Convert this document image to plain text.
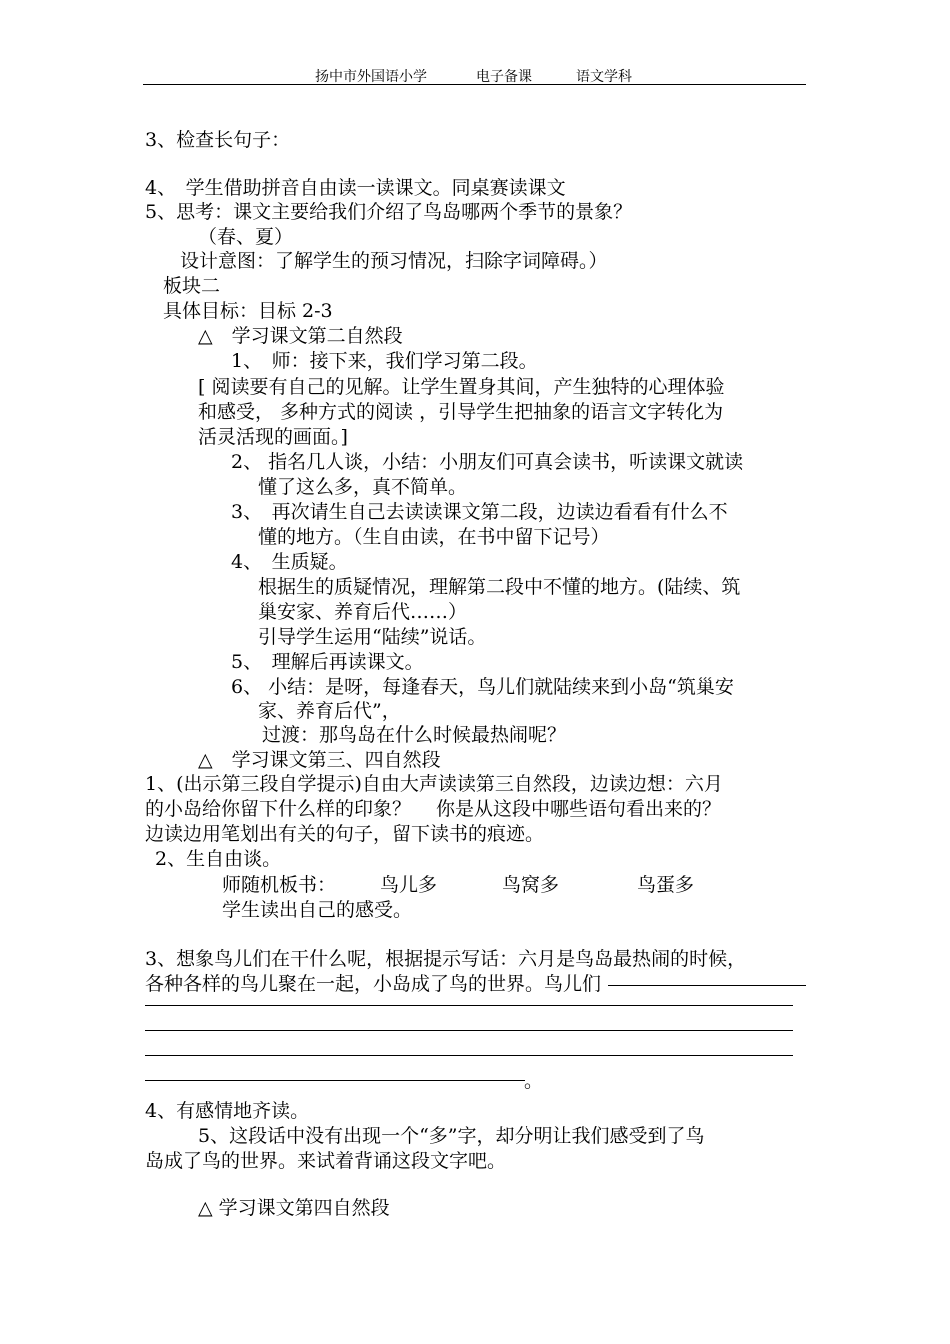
扬中市外国语小学	电子备课	语文学科
3、检查长句子：
4、　学生借助拼音自由读一读课文。同桌赛读课文
5、思考：课文主要给我们介绍了鸟岛哪两个季节的景象？
（春、夏）
设计意图：了解学生的预习情况，扫除字词障碍。）
板块二
具体目标：目标 2-3
△　学习课文第二自然段
1、　师：接下来，我们学习第二段。
[ 阅读要有自己的见解。让学生置身其间，产生独特的心理体验
和感受， 多种方式的阅读 ，引导学生把抽象的语言文字转化为
活灵活现的画面。]
2、 指名几人谈，小结：小朋友们可真会读书，听读课文就读
懂了这么多，真不简单。
3、　再次请生自己去读读课文第二段，边读边看看有什么不
懂的地方。（生自由读，在书中留下记号）
4、　生质疑。
根据生的质疑情况，理解第二段中不懂的地方。(陆续、筑
巢安家、养育后代……）
引导学生运用“陆续”说话。
5、　理解后再读课文。
6、 小结：是呀，每逢春天，鸟儿们就陆续来到小岛“筑巢安
家、养育后代”，
过渡：那鸟岛在什么时候最热闹呢？
△　学习课文第三、四自然段
1、(出示第三段自学提示)自由大声读读第三自然段，边读边想：六月
的小岛给你留下什么样的印象？　 你是从这段中哪些语句看出来的？
边读边用笔划出有关的句子，留下读书的痕迹。
2、生自由谈。
师随机板书： 鸟儿多	鸟窝多	鸟蛋多
学生读出自己的感受。
3、想象鸟儿们在干什么呢，根据提示写话：六月是鸟岛最热闹的时候，
各种各样的鸟儿聚在一起，小岛成了鸟的世界。鸟儿们
。
4、有感情地齐读。
5、这段话中没有出现一个“多”字，却分明让我们感受到了鸟
岛成了鸟的世界。来试着背诵这段文字吧。
△ 学习课文第四自然段
